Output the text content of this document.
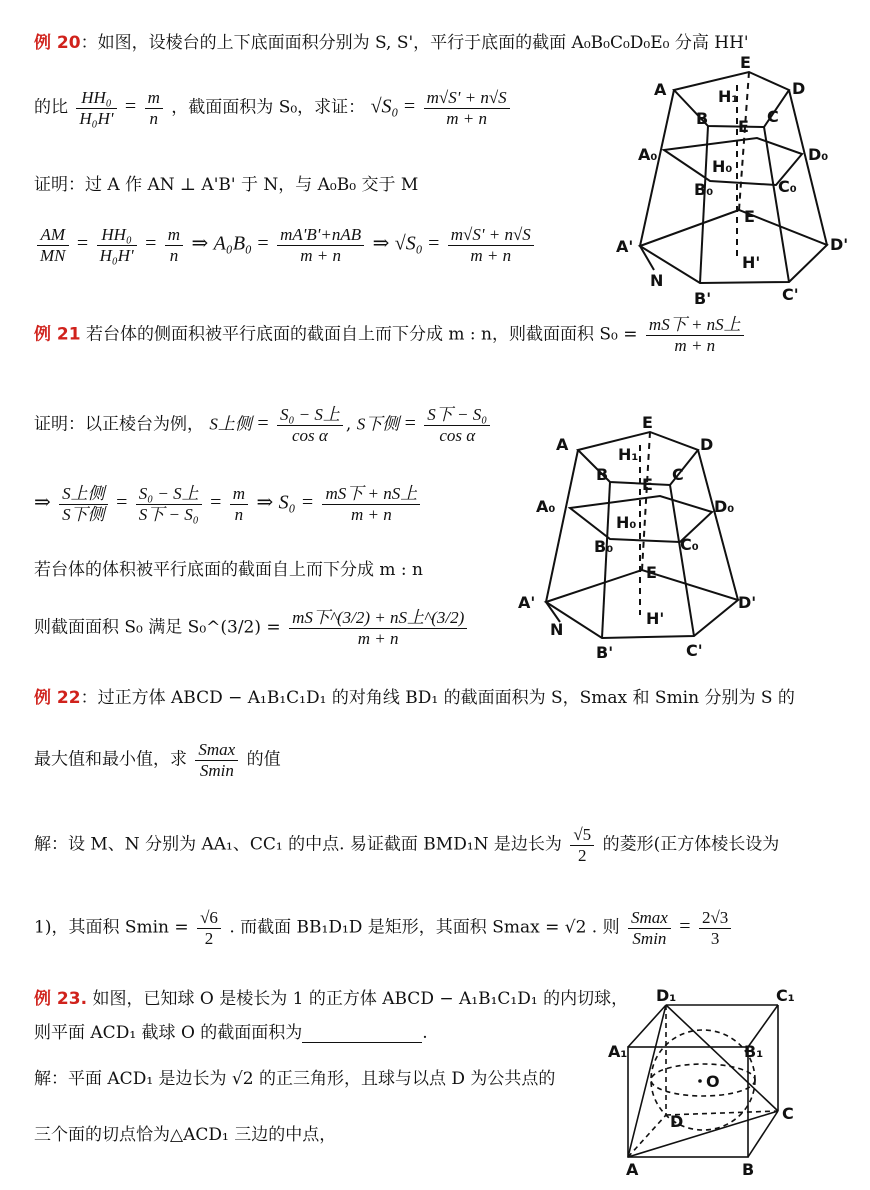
例 20：如图，设棱台的上下底面面积分别为 S, S'，平行于底面的截面 A₀B₀C₀D₀E₀ 分高 HH'
的比 $\frac{\text{HH₀}}{\text{H₀H'}} = \frac{m}{n}$ ，截面面积为 S₀，求证： $√S_0 = \frac{m√S' + n√S}{m + n}$
证明：过 A 作 AN ⊥ A'B' 于 N，与 A₀B₀ 交于 M
$\frac{AM}{MN} = \frac{\text{HH₀}}{\text{H₀H'}} = \frac{m}{n}$ ⇒ $A_0B_0 = \frac{\text{mA'B'+nAB}}{m + n}$ ⇒ $√S_0 = \frac{m√S' + n√S}{m + n}$
A
E
D
H₁
B	C
E
A₀
H₀
D₀
B₀	C₀
E
A'	D'
N
H'
B'	C'
例 21 若台体的侧面积被平行底面的截面自上而下分成 m : n，则截面面积 $S_0 = \frac{\text{mS下 + nS上}}{m + n}$
证明：以正棱台为例， S上侧 = $\frac{\text{S₀ − S上}}{\text{cos α}}$ , S下侧 = $\frac{\text{S下 − S₀}}{\text{cos α}}$
⇒ $\frac{\text{S上侧}}{\text{S下侧}} = \frac{\text{S₀ − S上}}{\text{S下 − S₀}} = \frac{m}{n}$ ⇒ $S_0 = \frac{\text{mS下 + nS上}}{m + n}$
若台体的体积被平行底面的截面自上而下分成 m : n
则截面面积 S₀ 满足 S₀^(3/2) = $\frac{\text{mS下\textasciicircum{}(3/2) + nS上\textasciicircum{}(3/2)}}{m + n}$
A
E
D
H₁
B	C
E
A₀
H₀
D₀
B₀	C₀
E
A'	D'
N
H'
B'	C'
例 22：过正方体 ABCD − A₁B₁C₁D₁ 的对角线 BD₁ 的截面面积为 S，Smax 和 Smin 分别为 S 的
最大值和最小值，求 $\frac{Smax}{Smin}$ 的值
解：设 M、N 分别为 AA₁、CC₁ 的中点. 易证截面 BMD₁N 是边长为 $\frac{√5}{2}$ 的菱形(正方体棱长设为
1)，其面积 $Smin = \frac{√6}{2}$ . 而截面 BB₁D₁D 是矩形，其面积 Smax = √2 . 则 $\frac{Smax}{Smin} = \frac{2√3}{3}$
例 23. 如图，已知球 O 是棱长为 1 的正方体 ABCD − A₁B₁C₁D₁ 的内切球，
则平面 ACD₁ 截球 O 的截面面积为	.
解：平面 ACD₁ 是边长为 √2 的正三角形，且球与以点 D 为公共点的
三个面的切点恰为△ACD₁ 三边的中点，
D₁	C₁
A₁	B₁
O
D	C
A	B
